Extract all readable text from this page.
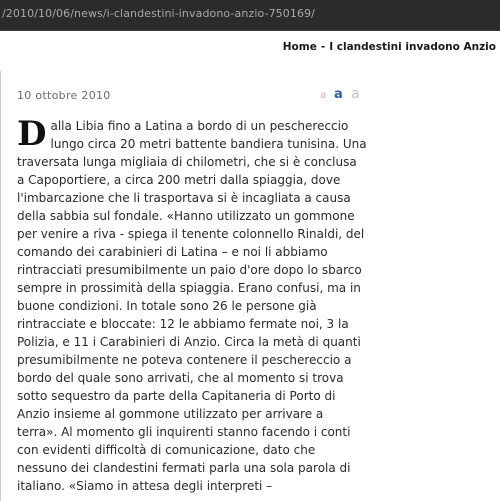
/2010/10/06/news/i-clandestini-invadono-anzio-750169/
Home - I clandestini invadono Anzio
10 ottobre 2010	a a a

Dalla Libia fino a Latina a bordo di un peschereccio lungo circa 20 metri battente bandiera tunisina. Una traversata lunga migliaia di chilometri, che si è conclusa a Capoportiere, a circa 200 metri dalla spiaggia, dove l'imbarcazione che li trasportava si è incagliata a causa della sabbia sul fondale. «Hanno utilizzato un gommone per venire a riva - spiega il tenente colonnello Rinaldi, del comando dei carabinieri di Latina – e noi li abbiamo rintracciati presumibilmente un paio d'ore dopo lo sbarco sempre in prossimità della spiaggia. Erano confusi, ma in buone condizioni. In totale sono 26 le persone già rintracciate e bloccate: 12 le abbiamo fermate noi, 3 la Polizia, e 11 i Carabinieri di Anzio. Circa la metà di quanti presumibilmente ne poteva contenere il peschereccio a bordo del quale sono arrivati, che al momento si trova sotto sequestro da parte della Capitaneria di Porto di Anzio insieme al gommone utilizzato per arrivare a terra». Al momento gli inquirenti stanno facendo i conti con evidenti difficoltà di comunicazione, dato che nessuno dei clandestini fermati parla una sola parola di italiano. «Siamo in attesa degli interpreti –
